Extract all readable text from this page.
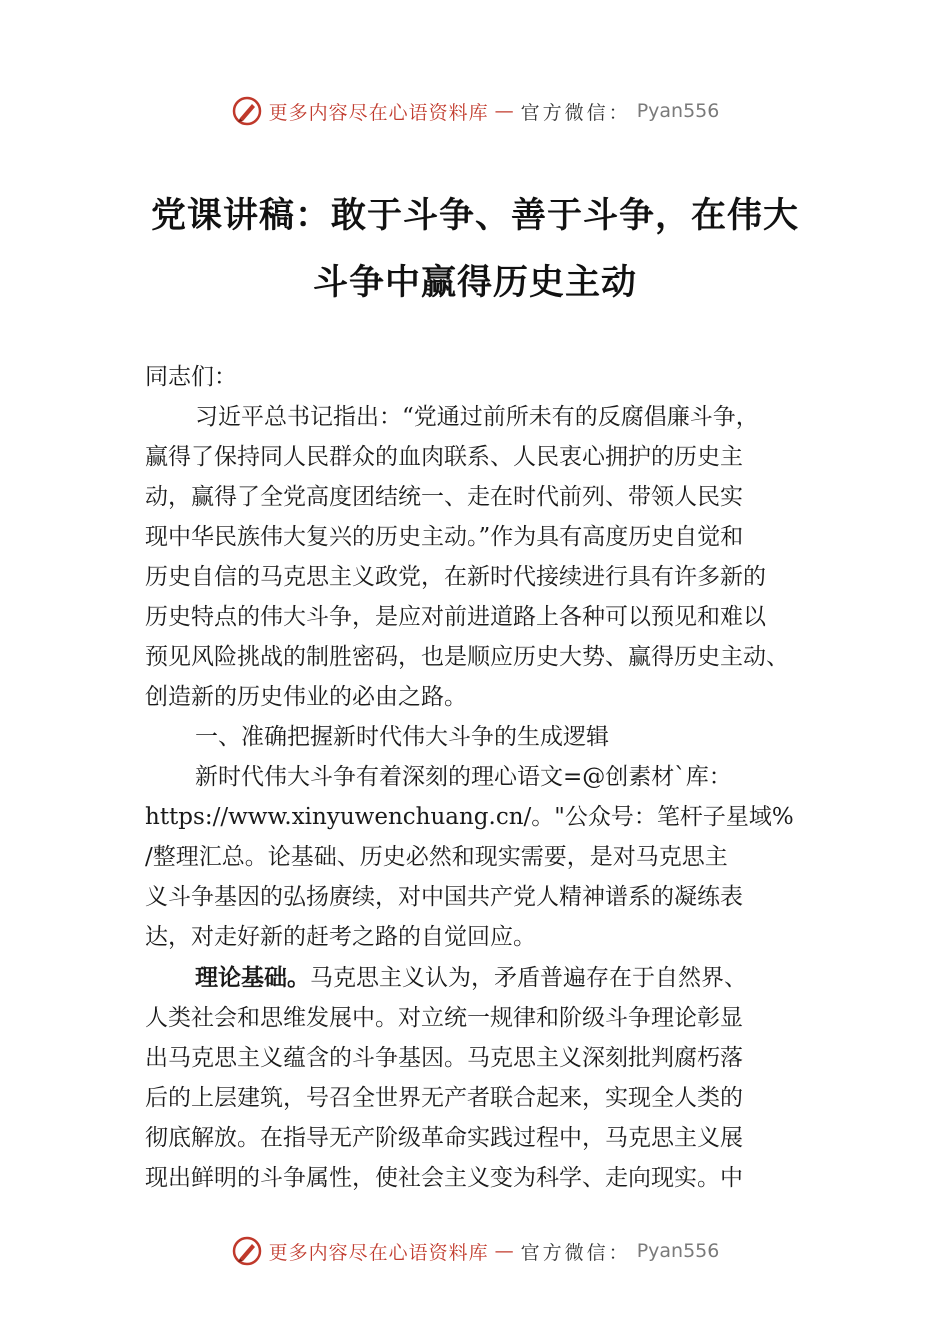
更多内容尽在心语资料库 — 官方微信： Pyan556
党课讲稿：敢于斗争、善于斗争，在伟大
斗争中赢得历史主动
同志们：
习近平总书记指出：“党通过前所未有的反腐倡廉斗争，
赢得了保持同人民群众的血肉联系、人民衷心拥护的历史主
动，赢得了全党高度团结统一、走在时代前列、带领人民实
现中华民族伟大复兴的历史主动。”作为具有高度历史自觉和
历史自信的马克思主义政党，在新时代接续进行具有许多新的
历史特点的伟大斗争，是应对前进道路上各种可以预见和难以
预见风险挑战的制胜密码，也是顺应历史大势、赢得历史主动、
创造新的历史伟业的必由之路。
一、准确把握新时代伟大斗争的生成逻辑
新时代伟大斗争有着深刻的理心语文=@创素材`库：
https://www.xinyuwenchuang.cn/。"公众号：笔杆子星域%
/整理汇总。论基础、历史必然和现实需要，是对马克思主
义斗争基因的弘扬赓续，对中国共产党人精神谱系的凝练表
达，对走好新的赶考之路的自觉回应。
理论基础。马克思主义认为，矛盾普遍存在于自然界、
人类社会和思维发展中。对立统一规律和阶级斗争理论彰显
出马克思主义蕴含的斗争基因。马克思主义深刻批判腐朽落
后的上层建筑，号召全世界无产者联合起来，实现全人类的
彻底解放。在指导无产阶级革命实践过程中，马克思主义展
现出鲜明的斗争属性，使社会主义变为科学、走向现实。中
更多内容尽在心语资料库 — 官方微信： Pyan556
